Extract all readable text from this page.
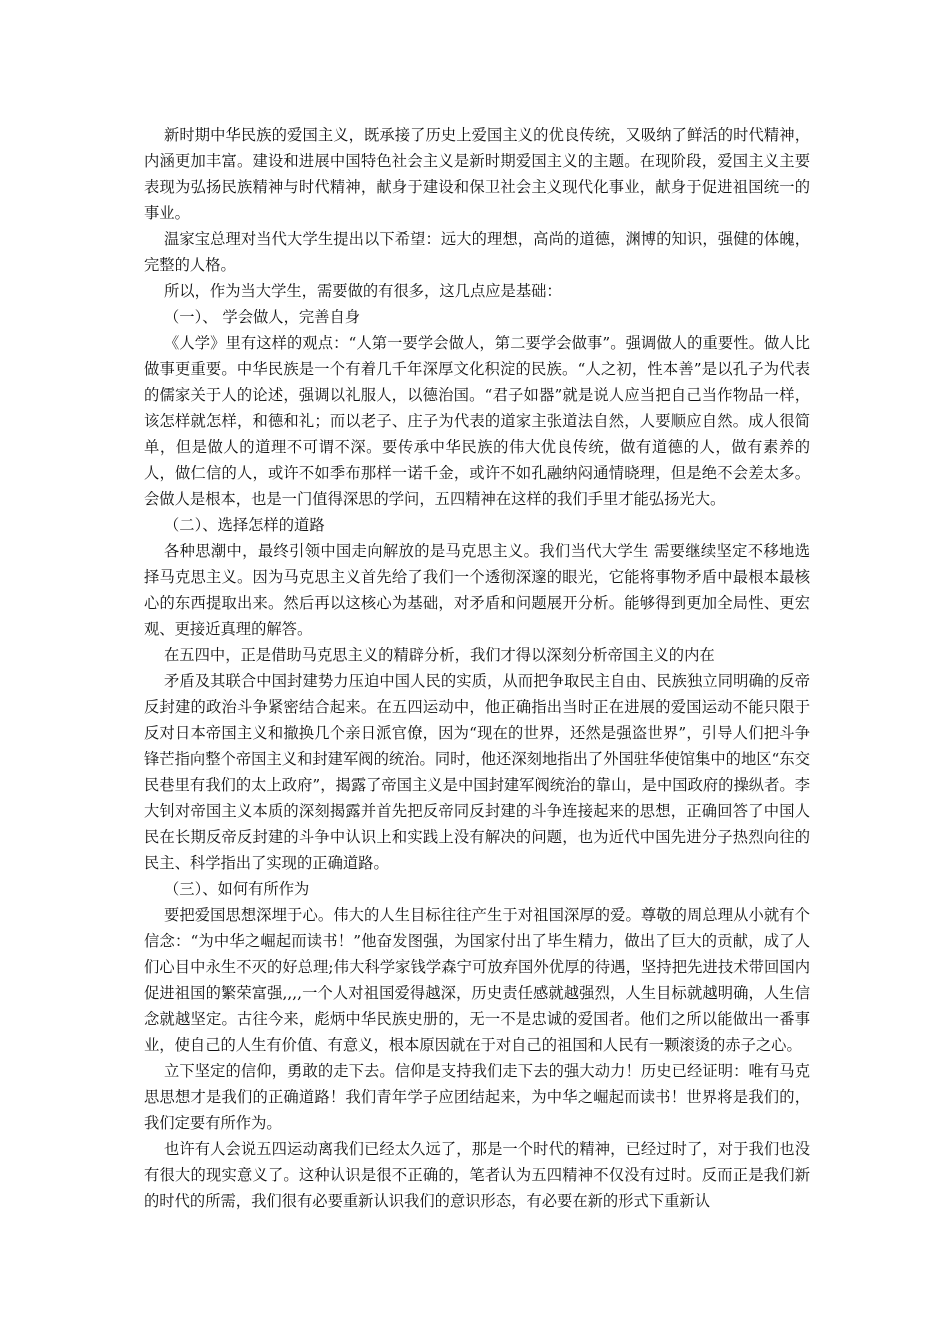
新时期中华民族的爱国主义，既承接了历史上爱国主义的优良传统，又吸纳了鲜活的时代精神，内涵更加丰富。建设和进展中国特色社会主义是新时期爱国主义的主题。在现阶段，爱国主义主要表现为弘扬民族精神与时代精神，献身于建设和保卫社会主义现代化事业，献身于促进祖国统一的事业。

温家宝总理对当代大学生提出以下希望：远大的理想，高尚的道德，渊博的知识，强健的体魄，完整的人格。

所以，作为当大学生，需要做的有很多，这几点应是基础：

（一）、 学会做人，完善自身

《人学》里有这样的观点：“人第一要学会做人，第二要学会做事”。强调做人的重要性。做人比做事更重要。中华民族是一个有着几千年深厚文化积淀的民族。“人之初，性本善”是以孔子为代表的儒家关于人的论述，强调以礼服人，以德治国。“君子如器”就是说人应当把自己当作物品一样，该怎样就怎样，和德和礼；而以老子、庄子为代表的道家主张道法自然，人要顺应自然。成人很简单，但是做人的道理不可谓不深。要传承中华民族的伟大优良传统，做有道德的人，做有素养的人，做仁信的人，或许不如季布那样一诺千金，或许不如孔融纳闷通情晓理，但是绝不会差太多。会做人是根本，也是一门值得深思的学问，五四精神在这样的我们手里才能弘扬光大。

（二）、选择怎样的道路

各种思潮中，最终引领中国走向解放的是马克思主义。我们当代大学生 需要继续坚定不移地选择马克思主义。因为马克思主义首先给了我们一个透彻深邃的眼光，它能将事物矛盾中最根本最核心的东西提取出来。然后再以这核心为基础，对矛盾和问题展开分析。能够得到更加全局性、更宏观、更接近真理的解答。

在五四中，正是借助马克思主义的精辟分析，我们才得以深刻分析帝国主义的内在

矛盾及其联合中国封建势力压迫中国人民的实质，从而把争取民主自由、民族独立同明确的反帝反封建的政治斗争紧密结合起来。在五四运动中，他正确指出当时正在进展的爱国运动不能只限于反对日本帝国主义和撤换几个亲日派官僚，因为“现在的世界，还然是强盗世界”，引导人们把斗争锋芒指向整个帝国主义和封建军阀的统治。同时，他还深刻地指出了外国驻华使馆集中的地区“东交民巷里有我们的太上政府”，揭露了帝国主义是中国封建军阀统治的靠山，是中国政府的操纵者。李大钊对帝国主义本质的深刻揭露并首先把反帝同反封建的斗争连接起来的思想，正确回答了中国人民在长期反帝反封建的斗争中认识上和实践上没有解决的问题，也为近代中国先进分子热烈向往的民主、科学指出了实现的正确道路。

（三）、如何有所作为

要把爱国思想深埋于心。伟大的人生目标往往产生于对祖国深厚的爱。尊敬的周总理从小就有个信念：“为中华之崛起而读书！”他奋发图强，为国家付出了毕生精力，做出了巨大的贡献，成了人们心目中永生不灭的好总理;伟大科学家钱学森宁可放弃国外优厚的待遇，坚持把先进技术带回国内促进祖国的繁荣富强,,,,一个人对祖国爱得越深，历史责任感就越强烈，人生目标就越明确，人生信念就越坚定。古往今来，彪炳中华民族史册的，无一不是忠诚的爱国者。他们之所以能做出一番事业，使自己的人生有价值、有意义，根本原因就在于对自己的祖国和人民有一颗滚烫的赤子之心。

立下坚定的信仰，勇敢的走下去。信仰是支持我们走下去的强大动力！历史已经证明：唯有马克思思想才是我们的正确道路！我们青年学子应团结起来，为中华之崛起而读书！世界将是我们的，我们定要有所作为。

也许有人会说五四运动离我们已经太久远了，那是一个时代的精神，已经过时了，对于我们也没有很大的现实意义了。这种认识是很不正确的，笔者认为五四精神不仅没有过时。反而正是我们新的时代的所需，我们很有必要重新认识我们的意识形态，有必要在新的形式下重新认
